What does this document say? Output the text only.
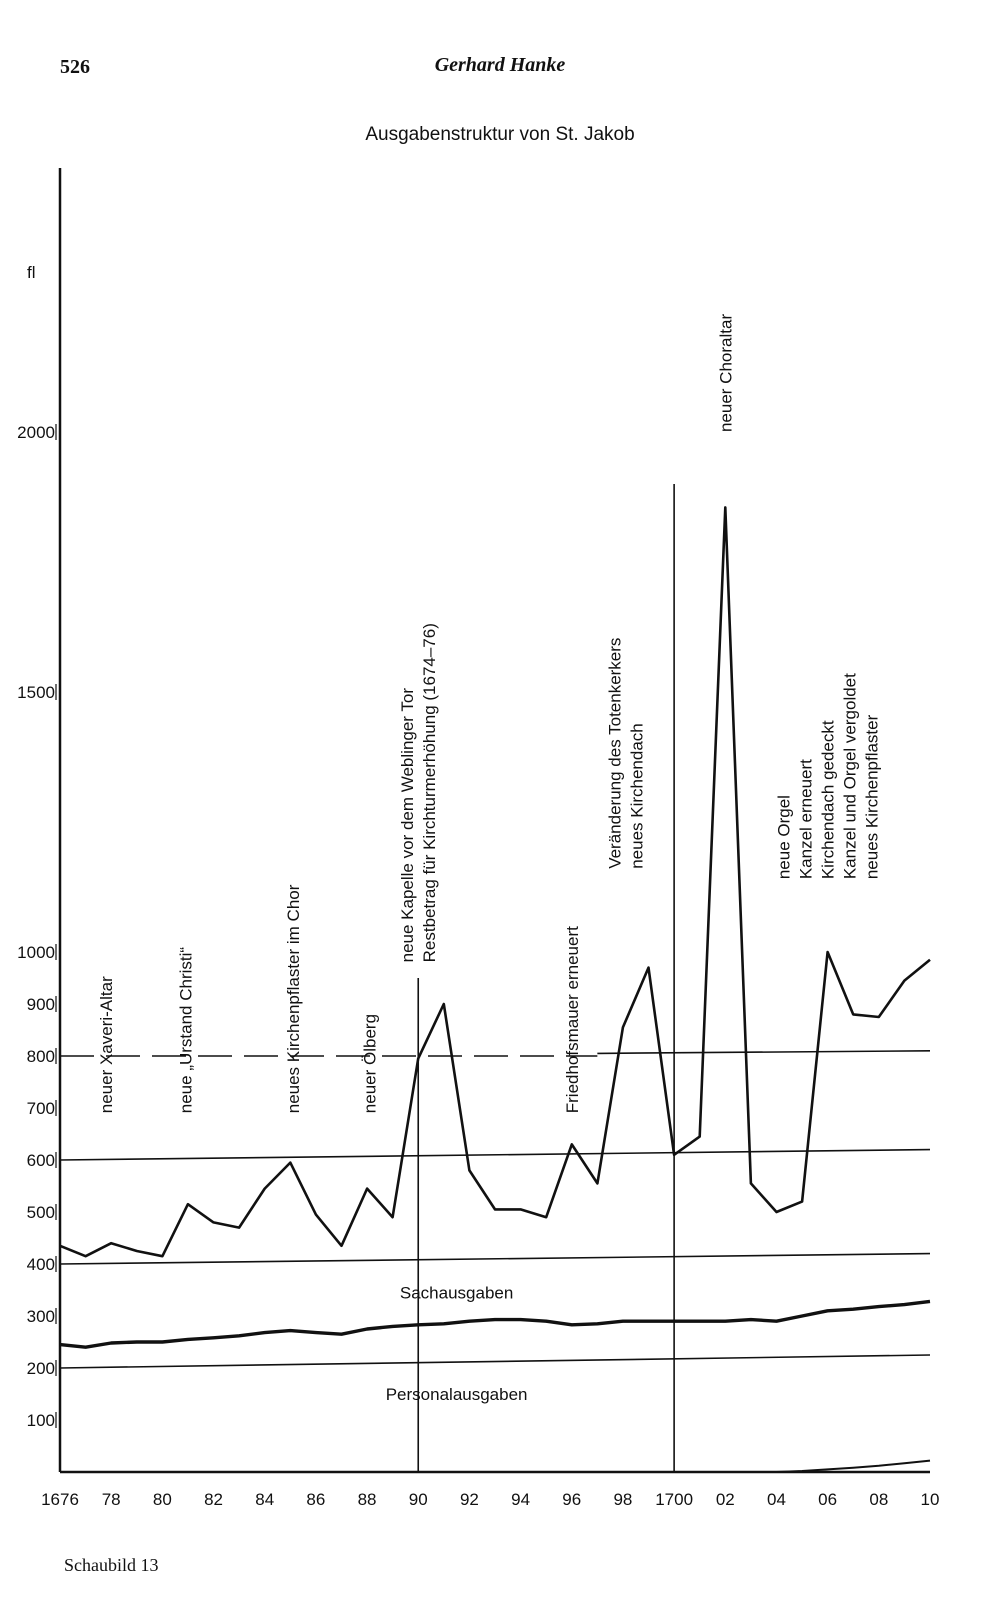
526	Gerhard Hanke
Ausgabenstruktur von St. Jakob
fl
100
200
300
400
500
600
700
800
900
1000
1500
2000
1676 78 80 82 84 86 88 90 92 94 96 98 1700 02 04 06 08 10
Sachausgaben
Personalausgaben
neuer Xaveri-Altar	neue „Urstand Christi“	neues Kirchenpflaster im Chor	neuer Ölberg
neue Kapelle vor dem Weblinger Tor Restbetrag für Kirchturmerhöhung (1674–76)
Friedhofsmauer erneuert
Veränderung des Totenkerkers neues Kirchendach
neuer Choraltar
neue Orgel Kanzel erneuert Kirchendach gedeckt Kanzel und Orgel vergoldet neues Kirchenpflaster
Schaubild 13
